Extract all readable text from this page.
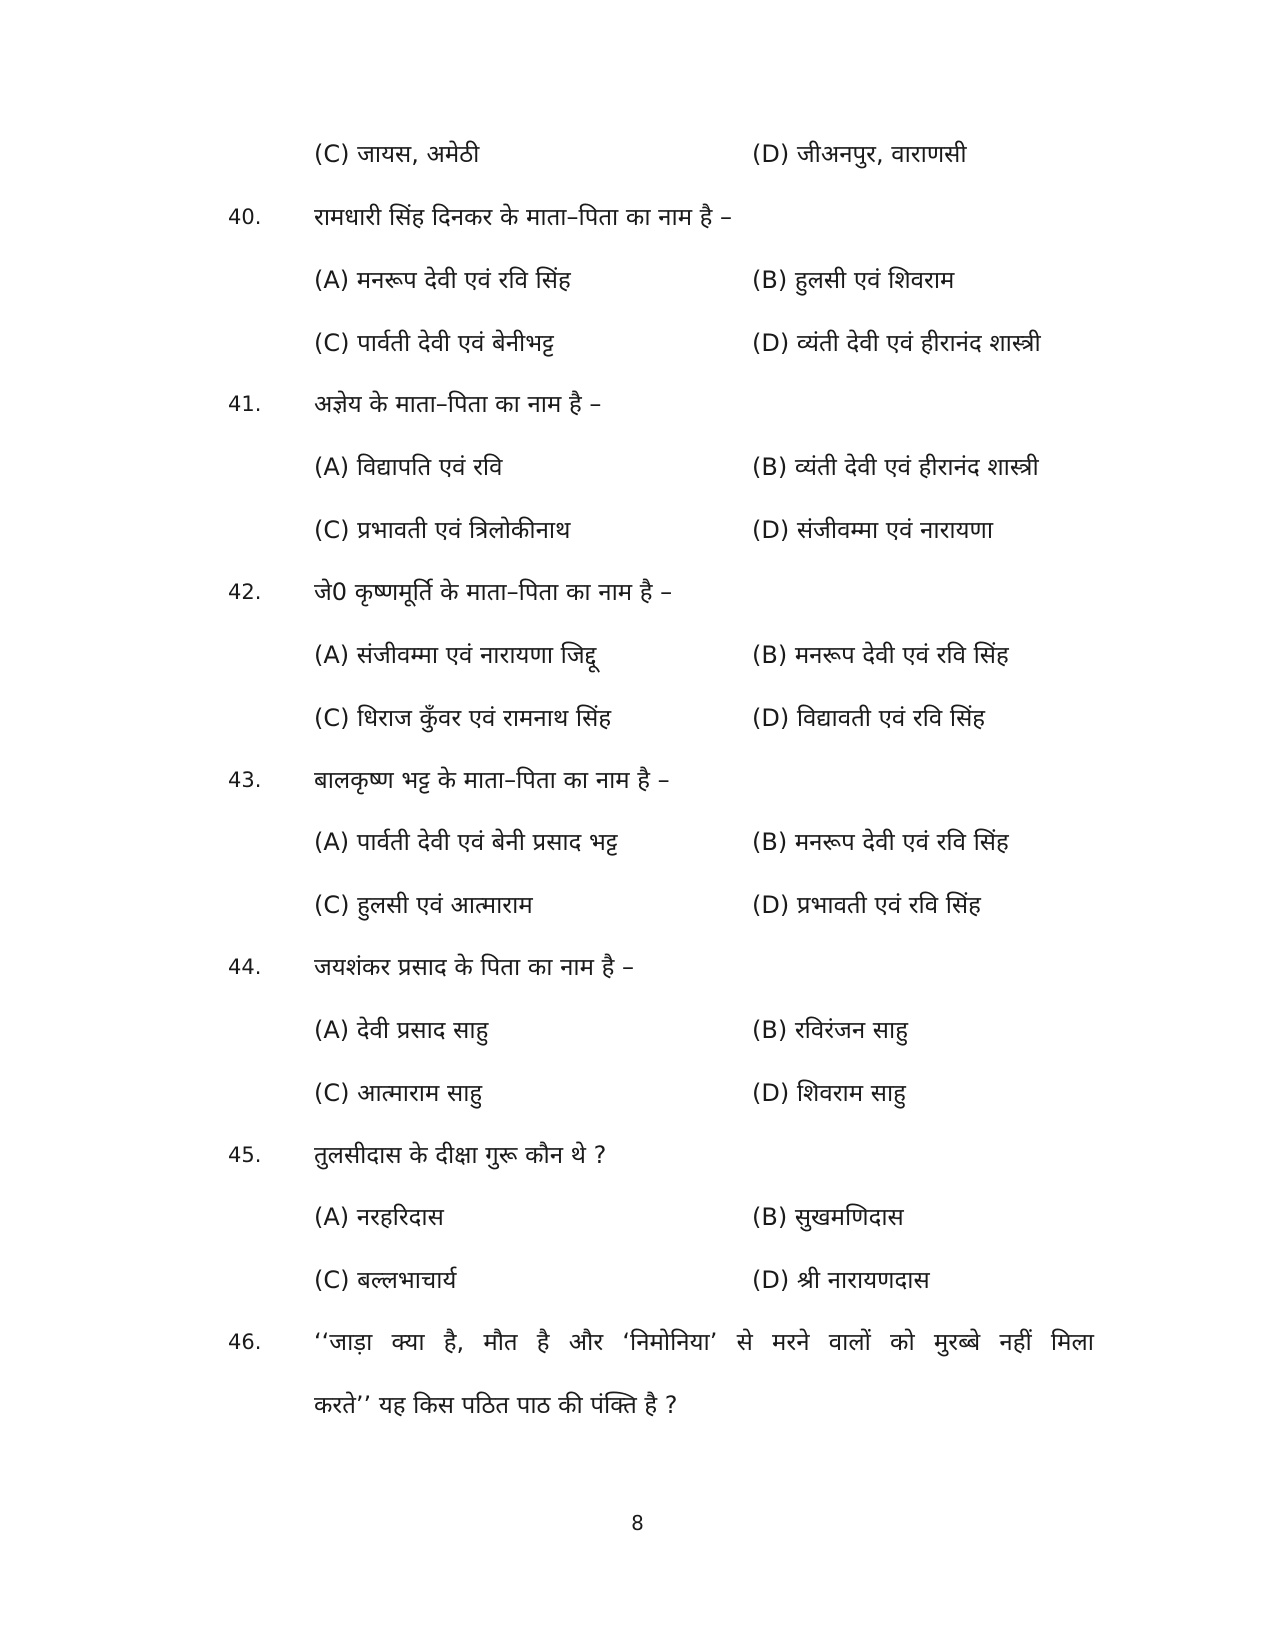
(C) जायस, अमेठी	(D) जीअनपुर, वाराणसी
40.	रामधारी सिंह दिनकर के माता–पिता का नाम है –
(A) मनरूप देवी एवं रवि सिंह	(B) हुलसी एवं शिवराम
(C) पार्वती देवी एवं बेनीभट्ट	(D) व्यंती देवी एवं हीरानंद शास्त्री
41.	अज्ञेय के माता–पिता का नाम है –
(A) विद्यापति एवं रवि	(B) व्यंती देवी एवं हीरानंद शास्त्री
(C) प्रभावती एवं त्रिलोकीनाथ	(D) संजीवम्मा एवं नारायणा
42.	जे0 कृष्णमूर्ति के माता–पिता का नाम है –
(A) संजीवम्मा एवं नारायणा जिद्दू	(B) मनरूप देवी एवं रवि सिंह
(C) धिराज कुँवर एवं रामनाथ सिंह	(D) विद्यावती एवं रवि सिंह
43.	बालकृष्ण भट्ट के माता–पिता का नाम है –
(A) पार्वती देवी एवं बेनी प्रसाद भट्ट	(B) मनरूप देवी एवं रवि सिंह
(C) हुलसी एवं आत्माराम	(D) प्रभावती एवं रवि सिंह
44.	जयशंकर प्रसाद के पिता का नाम है –
(A) देवी प्रसाद साहु	(B) रविरंजन साहु
(C) आत्माराम साहु	(D) शिवराम साहु
45.	तुलसीदास के दीक्षा गुरू कौन थे ?
(A) नरहरिदास	(B) सुखमणिदास
(C) बल्लभाचार्य	(D) श्री नारायणदास
46.	‘‘जाड़ा क्या है, मौत है और ‘निमोनिया’ से मरने वालों को मुरब्बे नहीं मिला
करते’’ यह किस पठित पाठ की पंक्ति है ?
8
